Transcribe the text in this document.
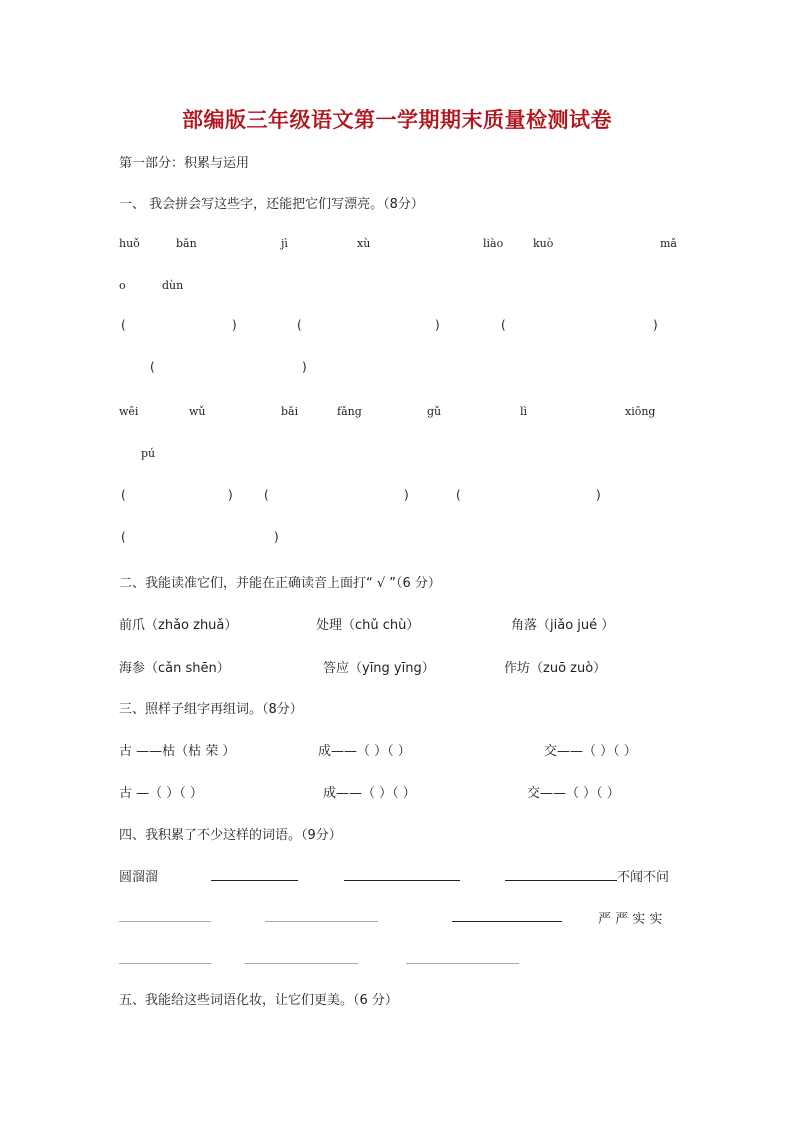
部编版三年级语文第一学期期末质量检测试卷
第一部分：积累与运用
一、 我会拼会写这些字，还能把它们写漂亮。（8分）
huǒ	bǎn	jì	xù	liào	kuò	mǎ
o	dùn
(	)	(	)	(	)
(	)
wēi	wǔ	bǎi	fǎng	gǔ	lì	xiōng
pú
(	)	(	)	(	)
(	)
二、我能读准它们，并能在正确读音上面打“ √ ”（6 分）
前爪（zhǎo zhuǎ）	处理（chǔ chù）	角落（jiǎo jué ）
海参（cǎn shēn）	答应（yīng yīng）	作坊（zuō zuò）
三、照样子组字再组词。（8分）
古 ——枯（枯 荣 ）	成——（ ）（ ）	交——（ ）（ ）
古 —（ ）（ ）	成——（ ）（ ）	交——（ ）（ ）
四、我积累了不少这样的词语。（9分）
圆溜溜	不闻不问
严 严 实 实
五、我能给这些词语化妆，让它们更美。（6 分）
